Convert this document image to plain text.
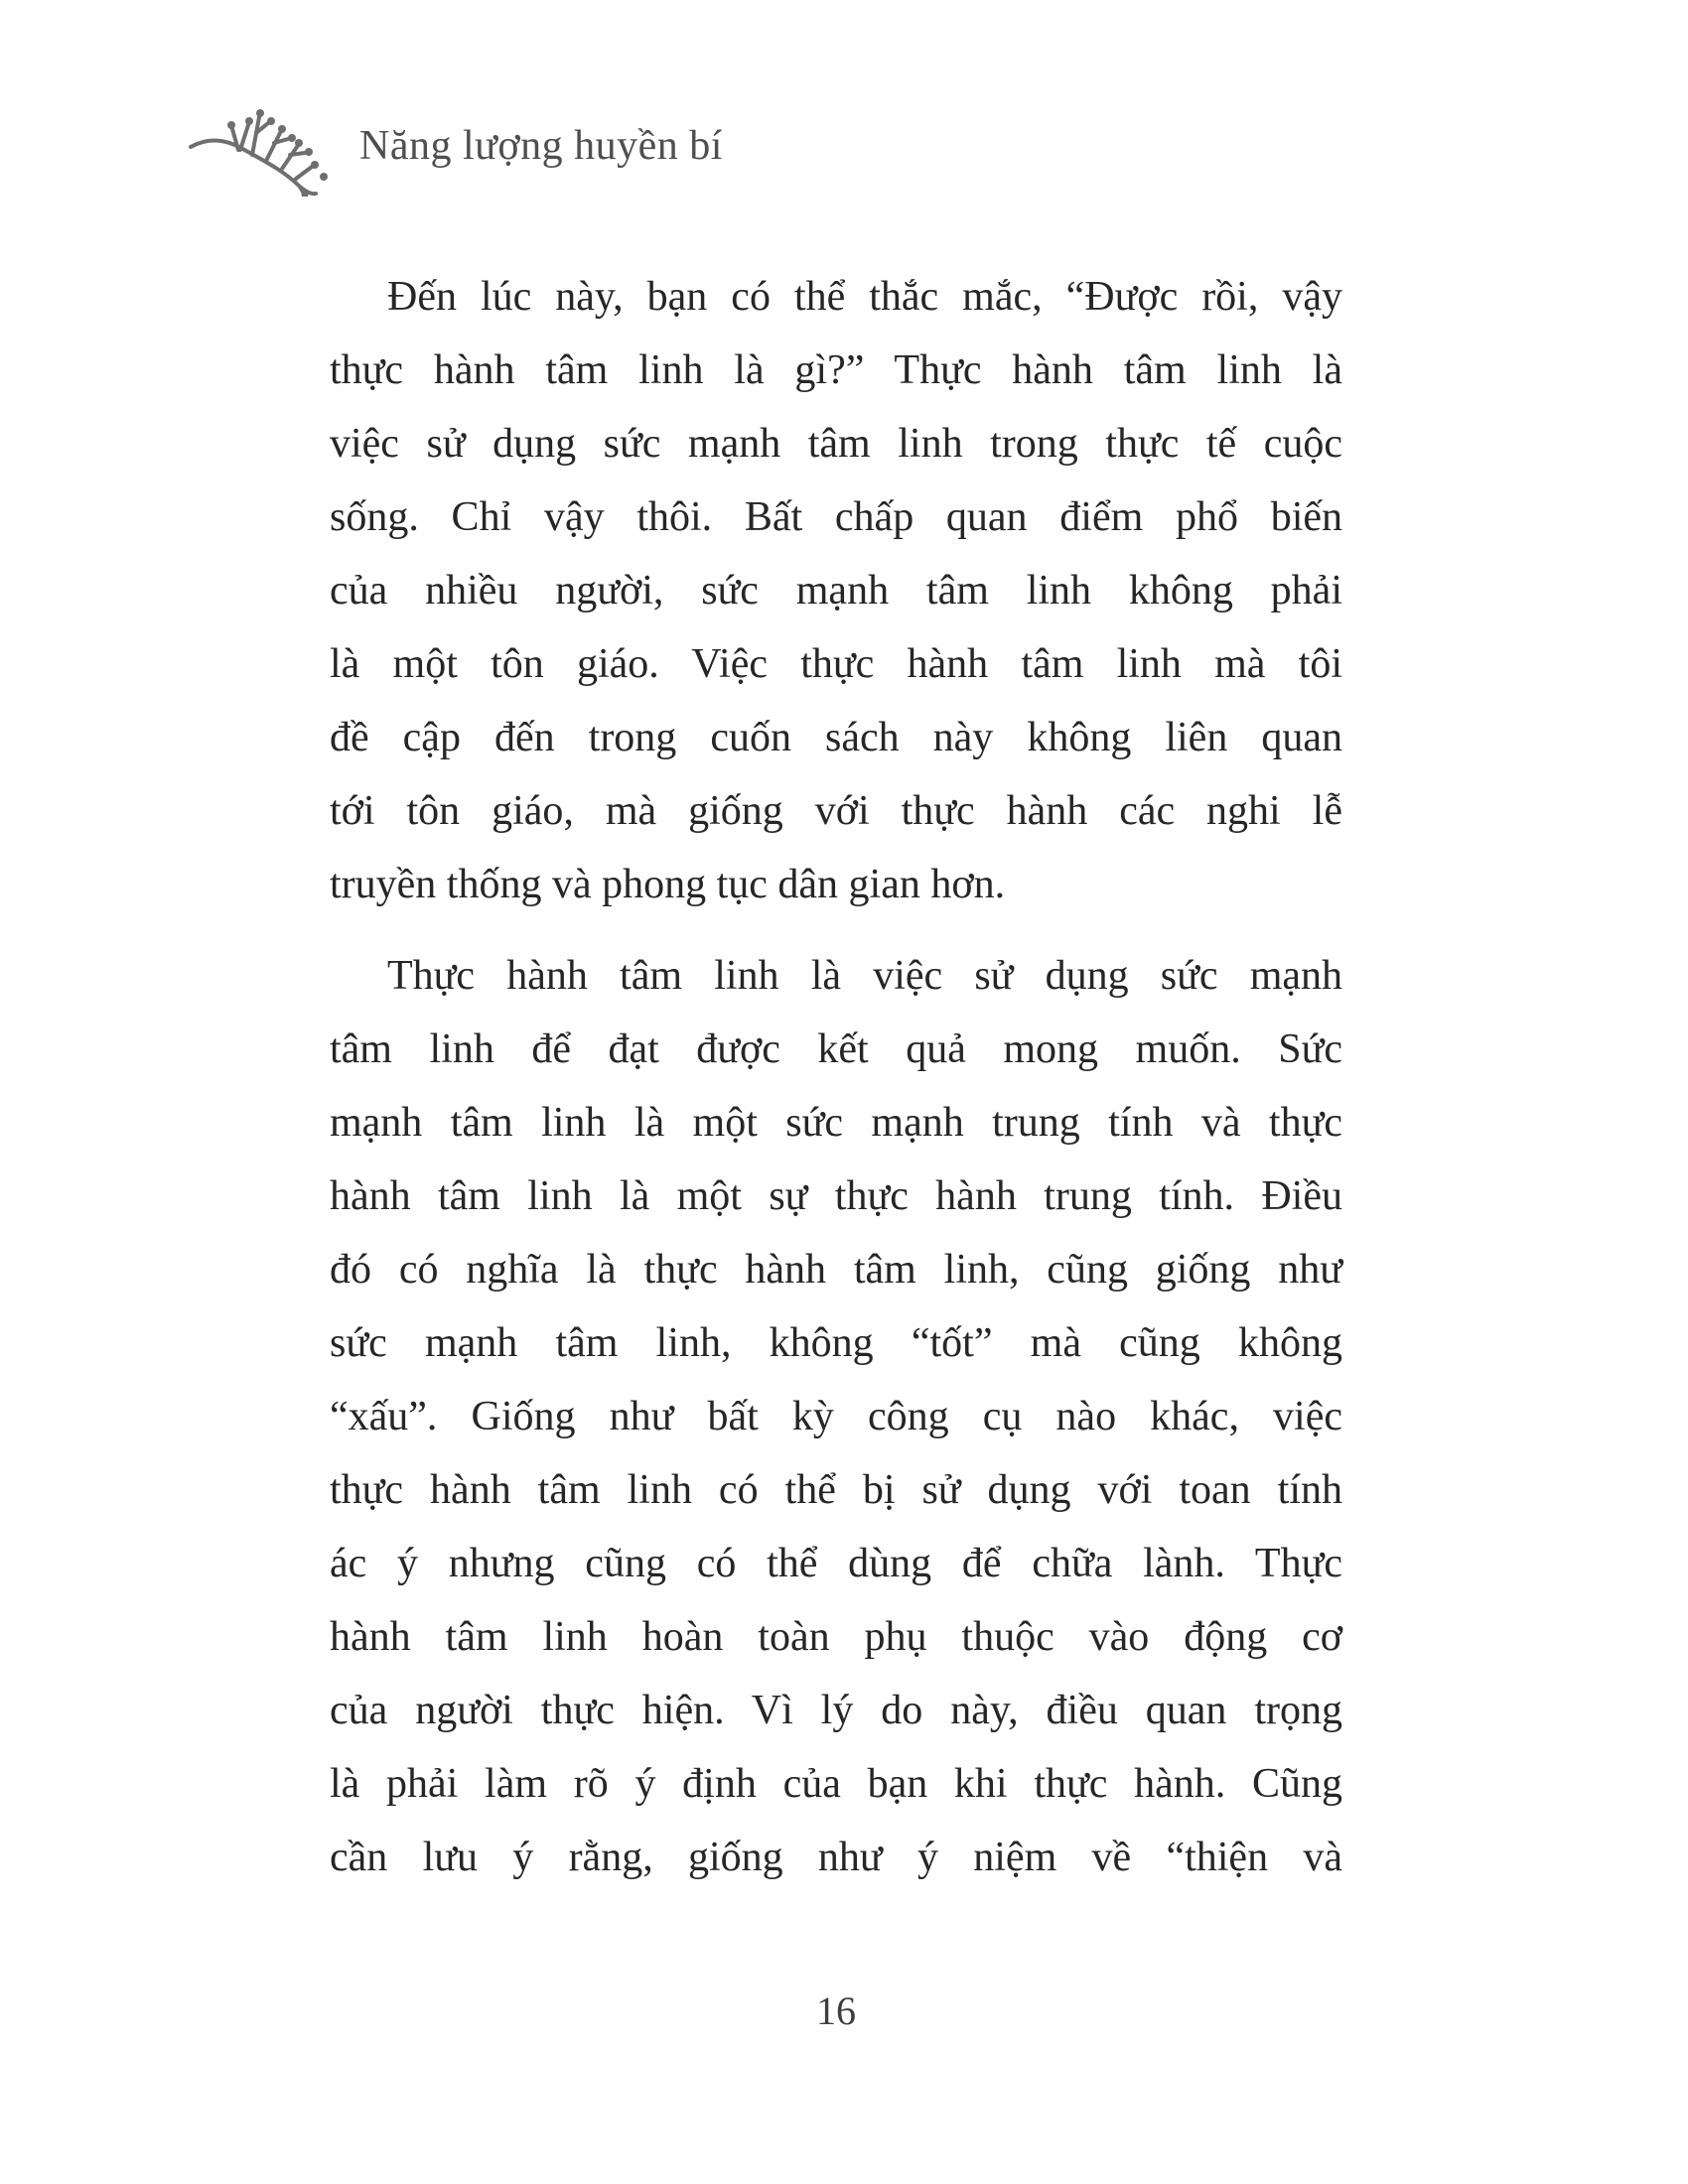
Năng lượng huyền bí
Đến lúc này, bạn có thể thắc mắc, “Được rồi, vậy
thực hành tâm linh là gì?” Thực hành tâm linh là
việc sử dụng sức mạnh tâm linh trong thực tế cuộc
sống. Chỉ vậy thôi. Bất chấp quan điểm phổ biến
của nhiều người, sức mạnh tâm linh không phải
là một tôn giáo. Việc thực hành tâm linh mà tôi
đề cập đến trong cuốn sách này không liên quan
tới tôn giáo, mà giống với thực hành các nghi lễ
truyền thống và phong tục dân gian hơn.
Thực hành tâm linh là việc sử dụng sức mạnh
tâm linh để đạt được kết quả mong muốn. Sức
mạnh tâm linh là một sức mạnh trung tính và thực
hành tâm linh là một sự thực hành trung tính. Điều
đó có nghĩa là thực hành tâm linh, cũng giống như
sức mạnh tâm linh, không “tốt” mà cũng không
“xấu”. Giống như bất kỳ công cụ nào khác, việc
thực hành tâm linh có thể bị sử dụng với toan tính
ác ý nhưng cũng có thể dùng để chữa lành. Thực
hành tâm linh hoàn toàn phụ thuộc vào động cơ
của người thực hiện. Vì lý do này, điều quan trọng
là phải làm rõ ý định của bạn khi thực hành. Cũng
cần lưu ý rằng, giống như ý niệm về “thiện và
16
